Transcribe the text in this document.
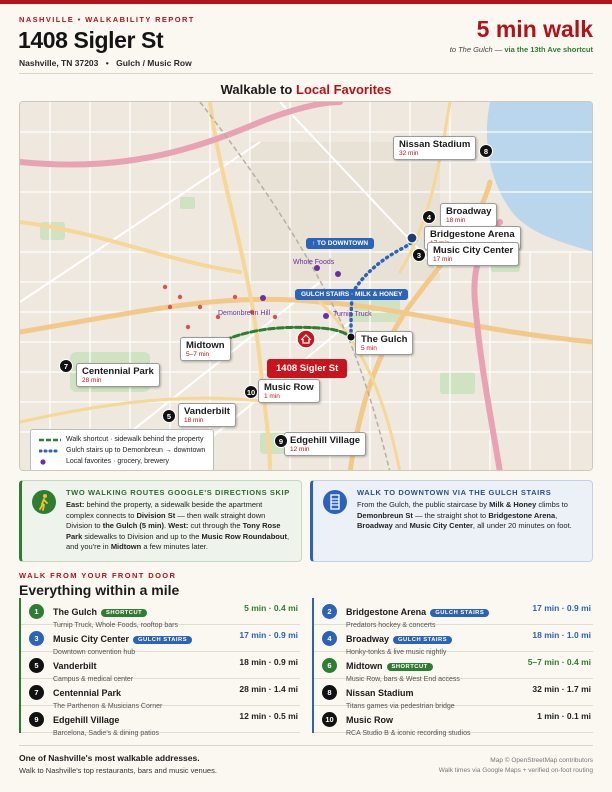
NASHVILLE • WALKABILITY REPORT
1408 Sigler St
Nashville, TN 37203 • Gulch / Music Row
5 min walk
to The Gulch — via the 13th Ave shortcut
Walkable to Local Favorites
Nissan Stadium
32 min	8
Broadway
18 min
4
Bridgestone Arena
Music City Center
17 min
3
The Gulch
5 min
Midtown
5–7 min
Centennial Park
28 min
7
Music Row
1 min
10
Vanderbilt
18 min
5
Edgehill Village
12 min
9
↑ TO DOWNTOWN
GULCH STAIRS · MILK & HONEY
Whole Foods
Demonbreun Hill	Turnip Truck
1408 Sigler St
Walk shortcut · sidewalk behind the property
Gulch stairs up to Demonbreun → downtown
Local favorites · grocery, brewery
TWO WALKING ROUTES GOOGLE'S DIRECTIONS SKIP

East: behind the property, a sidewalk beside the apartment complex connects to Division St — then walk straight down Division to the Gulch (5 min). West: cut through the Tony Rose Park sidewalks to Division and up to the Music Row Roundabout, and you're in Midtown a few minutes later.

WALK TO DOWNTOWN VIA THE GULCH STAIRS

From the Gulch, the public staircase by Milk & Honey climbs to Demonbreun St — the straight shot to Bridgestone Arena, Broadway and Music City Center, all under 20 minutes on foot.

WALK FROM YOUR FRONT DOOR
Everything within a mile
1	The Gulch SHORTCUT
Turnip Truck, Whole Foods, rooftop bars
5 min · 0.4 mi
3	Music City Center GULCH STAIRS
Downtown convention hub
17 min · 0.9 mi
5	Vanderbilt
Campus & medical center
18 min · 0.9 mi
7	Centennial Park
The Parthenon & Musicians Corner
28 min · 1.4 mi
9	Edgehill Village
Barcelona, Sadie's & dining patios
12 min · 0.5 mi
2	Bridgestone Arena GULCH STAIRS
Predators hockey & concerts
17 min · 0.9 mi
4	Broadway GULCH STAIRS
Honky-tonks & live music nightly
18 min · 1.0 mi
6	Midtown SHORTCUT
Music Row, bars & West End access
5–7 min · 0.4 mi
8	Nissan Stadium
Titans games via pedestrian bridge
32 min · 1.7 mi
10	Music Row
RCA Studio B & iconic recording studios
1 min · 0.1 mi
One of Nashville's most walkable addresses.
Walk to Nashville's top restaurants, bars and music venues.
Map © OpenStreetMap contributors
Walk times via Google Maps + verified on-foot routing
